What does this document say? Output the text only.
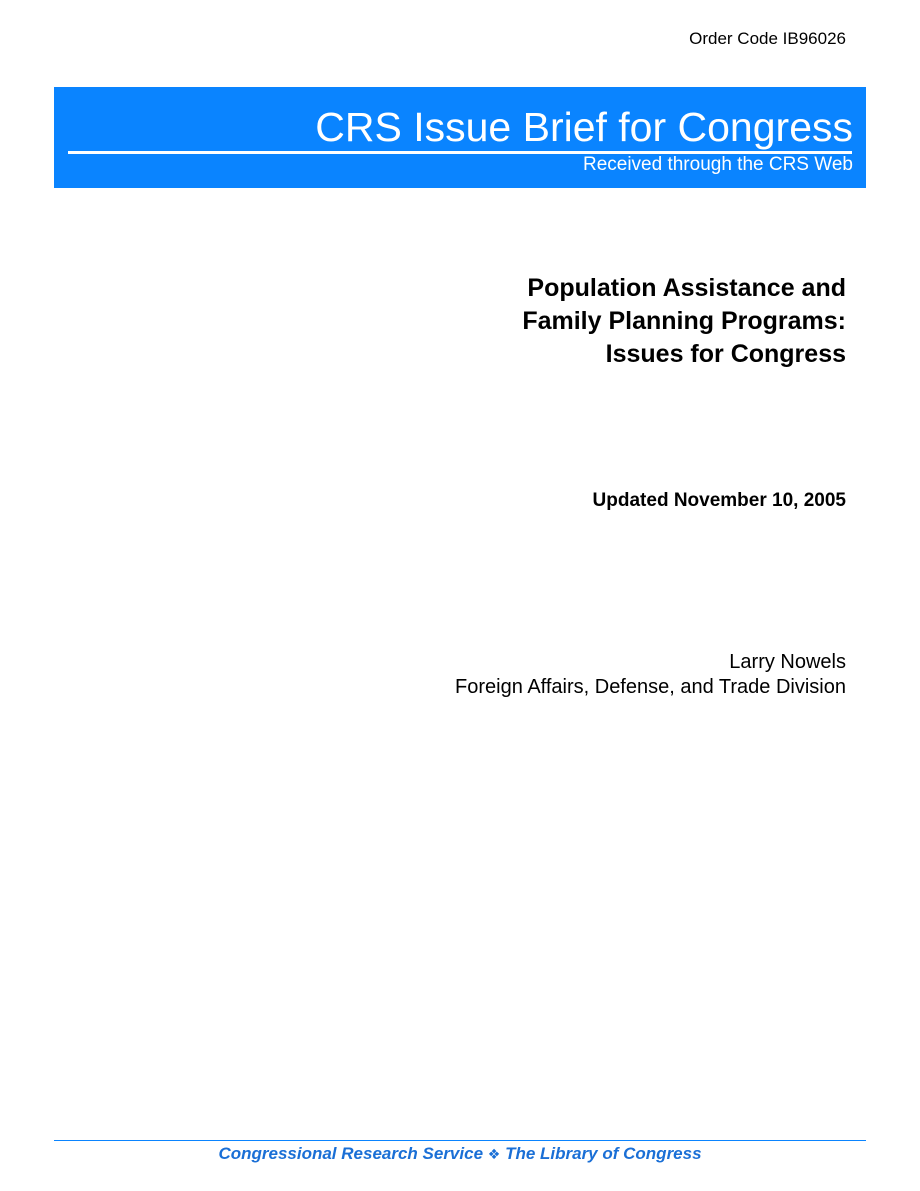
Order Code IB96026
CRS Issue Brief for Congress
Received through the CRS Web
Population Assistance and
Family Planning Programs:
Issues for Congress
Updated November 10, 2005
Larry Nowels
Foreign Affairs, Defense, and Trade Division
Congressional Research Service ❖ The Library of Congress
